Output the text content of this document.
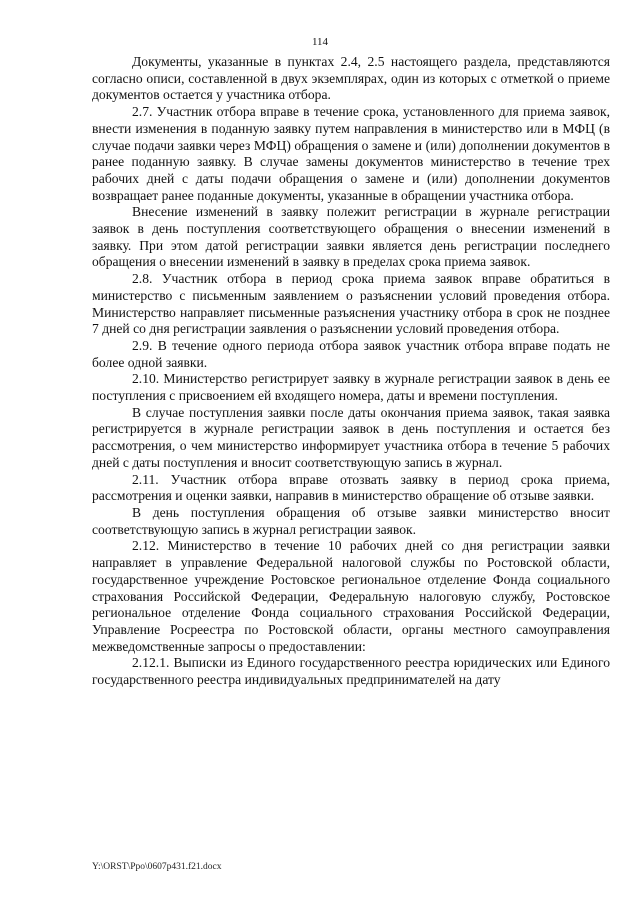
114

Документы, указанные в пунктах 2.4, 2.5 настоящего раздела, представляются согласно описи, составленной в двух экземплярах, один из которых с отметкой о приеме документов остается у участника отбора.

2.7. Участник отбора вправе в течение срока, установленного для приема заявок, внести изменения в поданную заявку путем направления в министерство или в МФЦ (в случае подачи заявки через МФЦ) обращения о замене и (или) дополнении документов в ранее поданную заявку. В случае замены документов министерство в течение трех рабочих дней с даты подачи обращения о замене и (или) дополнении документов возвращает ранее поданные документы, указанные в обращении участника отбора.

Внесение изменений в заявку полежит регистрации в журнале регистрации заявок в день поступления соответствующего обращения о внесении изменений в заявку. При этом датой регистрации заявки является день регистрации последнего обращения о внесении изменений в заявку в пределах срока приема заявок.

2.8. Участник отбора в период срока приема заявок вправе обратиться в министерство с письменным заявлением о разъяснении условий проведения отбора. Министерство направляет письменные разъяснения участнику отбора в срок не позднее 7 дней со дня регистрации заявления о разъяснении условий проведения отбора.

2.9. В течение одного периода отбора заявок участник отбора вправе подать не более одной заявки.

2.10. Министерство регистрирует заявку в журнале регистрации заявок в день ее поступления с присвоением ей входящего номера, даты и времени поступления.

В случае поступления заявки после даты окончания приема заявок, такая заявка регистрируется в журнале регистрации заявок в день поступления и остается без рассмотрения, о чем министерство информирует участника отбора в течение 5 рабочих дней с даты поступления и вносит соответствующую запись в журнал.

2.11. Участник отбора вправе отозвать заявку в период срока приема, рассмотрения и оценки заявки, направив в министерство обращение об отзыве заявки.

В день поступления обращения об отзыве заявки министерство вносит соответствующую запись в журнал регистрации заявок.

2.12. Министерство в течение 10 рабочих дней со дня регистрации заявки направляет в управление Федеральной налоговой службы по Ростовской области, государственное учреждение Ростовское региональное отделение Фонда социального страхования Российской Федерации, Федеральную налоговую службу, Ростовское региональное отделение Фонда социального страхования Российской Федерации, Управление Росреестра по Ростовской области, органы местного самоуправления межведомственные запросы о предоставлении:

2.12.1. Выписки из Единого государственного реестра юридических или Единого государственного реестра индивидуальных предпринимателей на дату

Y:\ORST\Ppo\0607p431.f21.docx
